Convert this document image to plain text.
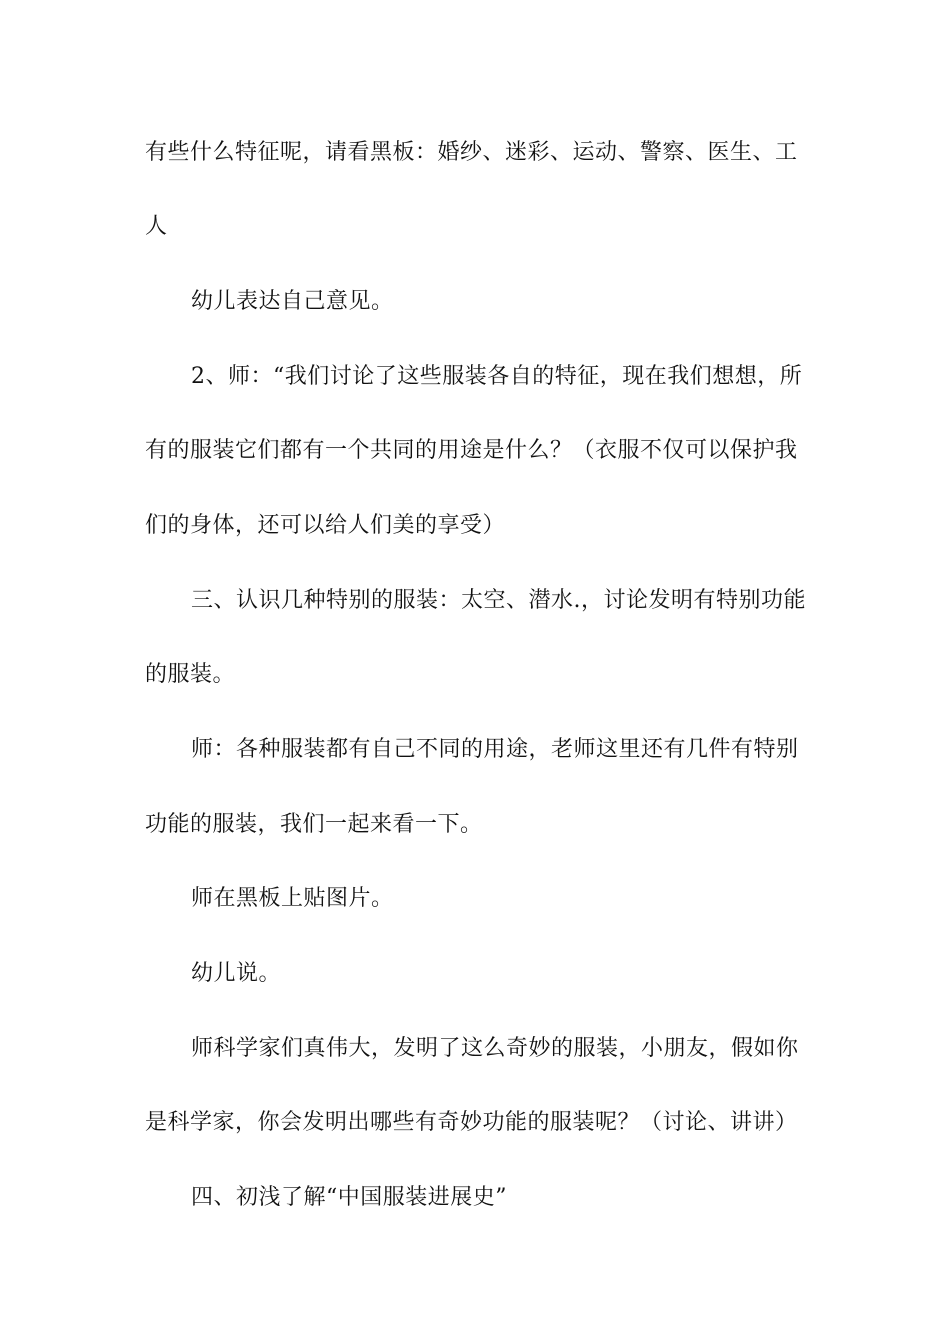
有些什么特征呢，请看黑板：婚纱、迷彩、运动、警察、医生、工
人
幼儿表达自己意见。
2、师：“我们讨论了这些服装各自的特征，现在我们想想，所
有的服装它们都有一个共同的用途是什么？（衣服不仅可以保护我
们的身体，还可以给人们美的享受）
三、认识几种特别的服装：太空、潜水.，讨论发明有特别功能
的服装。
师：各种服装都有自己不同的用途，老师这里还有几件有特别
功能的服装，我们一起来看一下。
师在黑板上贴图片。
幼儿说。
师科学家们真伟大，发明了这么奇妙的服装，小朋友，假如你
是科学家，你会发明出哪些有奇妙功能的服装呢？（讨论、讲讲）
四、初浅了解“中国服装进展史”
